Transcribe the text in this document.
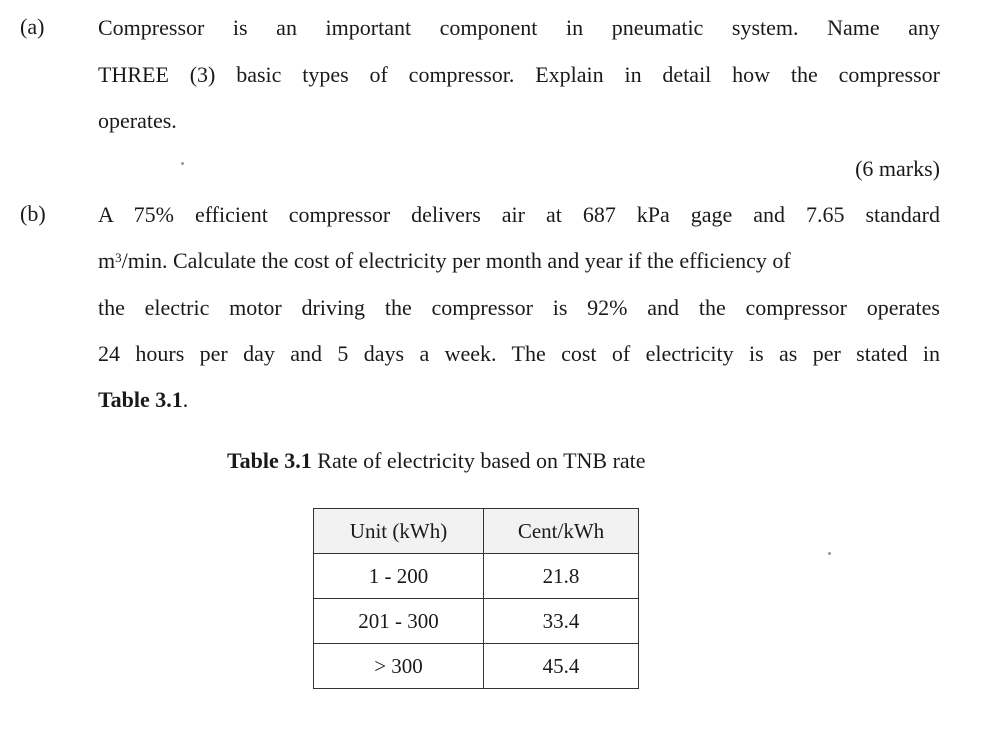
(a) Compressor is an important component in pneumatic system. Name any
THREE (3) basic types of compressor. Explain in detail how the compressor
operates.
(6 marks)
(b) A 75% efficient compressor delivers air at 687 kPa gage and 7.65 standard
$m^3/\min$. Calculate the cost of electricity per month and year if the efficiency of
the electric motor driving the compressor is 92% and the compressor operates
24 hours per day and 5 days a week. The cost of electricity is as per stated in
Table 3.1.
Table 3.1 Rate of electricity based on TNB rate
Unit (kWh)	Cent/kWh
1 - 200	21.8
201 - 300	33.4
> 300	45.4
